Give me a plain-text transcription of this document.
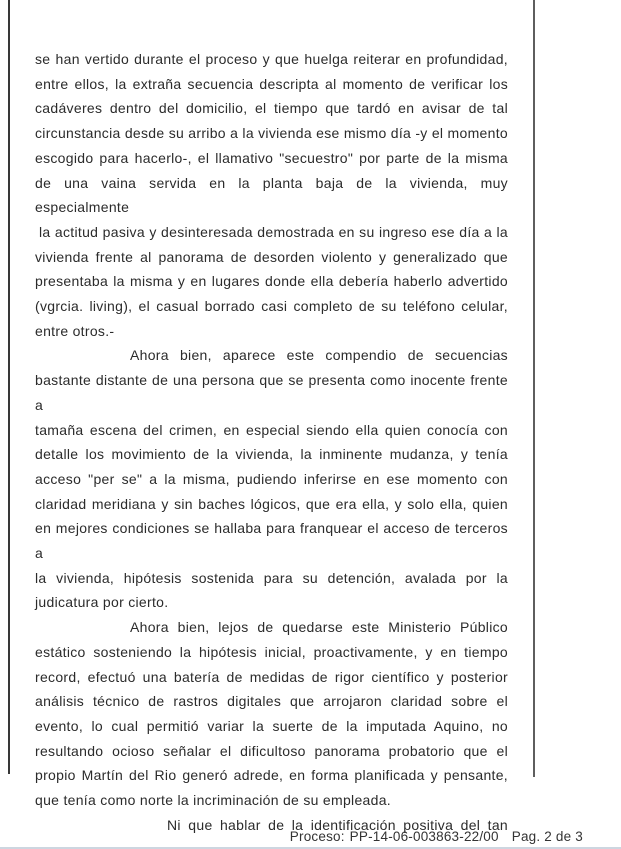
se han vertido durante el proceso y que huelga reiterar en profundidad,
entre ellos, la extraña secuencia descripta al momento de verificar los
cadáveres dentro del domicilio, el tiempo que tardó en avisar de tal
circunstancia desde su arribo a la vivienda ese mismo día -y el momento
escogido para hacerlo-, el llamativo "secuestro" por parte de la misma
de una vaina servida en la planta baja de la vivienda, muy especialmente
la actitud pasiva y desinteresada demostrada en su ingreso ese día a la
vivienda frente al panorama de desorden violento y generalizado que
presentaba la misma y en lugares donde ella debería haberlo advertido
(vgrcia. living), el casual borrado casi completo de su teléfono celular,
entre otros.-
Ahora bien, aparece este compendio de secuencias
bastante distante de una persona que se presenta como inocente frente a
tamaña escena del crimen, en especial siendo ella quien conocía con
detalle los movimiento de la vivienda, la inminente mudanza, y tenía
acceso "per se" a la misma, pudiendo inferirse en ese momento con
claridad meridiana y sin baches lógicos, que era ella, y solo ella, quien
en mejores condiciones se hallaba para franquear el acceso de terceros a
la vivienda, hipótesis sostenida para su detención, avalada por la
judicatura por cierto.
Ahora bien, lejos de quedarse este Ministerio Público
estático sosteniendo la hipótesis inicial, proactivamente, y en tiempo
record, efectuó una batería de medidas de rigor científico y posterior
análisis técnico de rastros digitales que arrojaron claridad sobre el
evento, lo cual permitió variar la suerte de la imputada Aquino, no
resultando ocioso señalar el dificultoso panorama probatorio que el
propio Martín del Rio generó adrede, en forma planificada y pensante,
que tenía como norte la incriminación de su empleada.
Ni que hablar de la identificación positiva del tan
Proceso: PP-14-06-003863-22/00 Pag. 2 de 3
